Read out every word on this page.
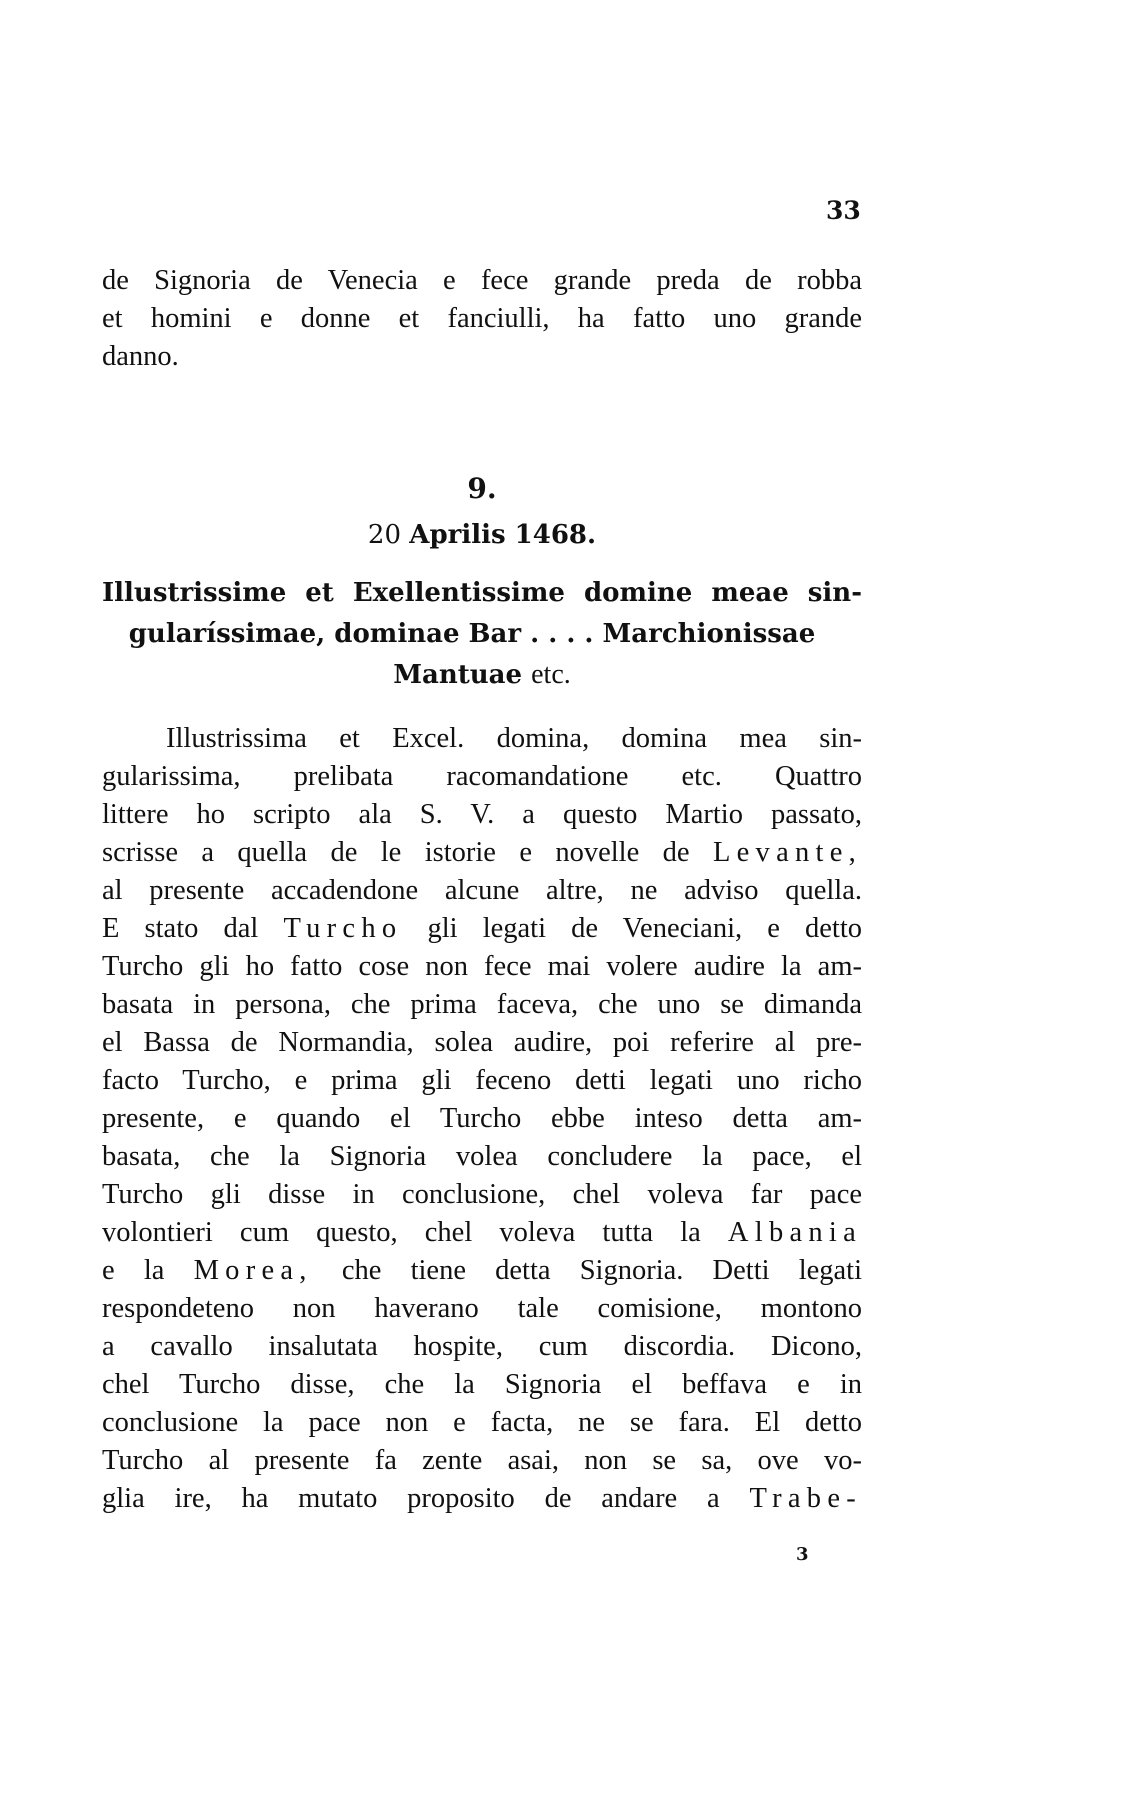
33
de Signoria de Venecia e fece grande preda de robba
et homini e donne et fanciulli, ha fatto uno grande
danno.
9.
20 Aprilis 1468.
Illustrissime et Exellentissime domine meae sin-
gularíssimae, dominae Bar . . . . Marchionissae
Mantuae etc.
Illustrissima et Excel. domina, domina mea sin-
gularissima, prelibata racomandatione etc. Quattro
littere ho scripto ala S. V. a questo Martio passato,
scrisse a quella de le istorie e novelle de Levante,
al presente accadendone alcune altre, ne adviso quella.
E stato dal Turcho gli legati de Veneciani, e detto
Turcho gli ho fatto cose non fece mai volere audire la am-
basata in persona, che prima faceva, che uno se dimanda
el Bassa de Normandia, solea audire, poi referire al pre-
facto Turcho, e prima gli feceno detti legati uno richo
presente, e quando el Turcho ebbe inteso detta am-
basata, che la Signoria volea concludere la pace, el
Turcho gli disse in conclusione, chel voleva far pace
volontieri cum questo, chel voleva tutta la Albania
e la Morea, che tiene detta Signoria. Detti legati
respondeteno non haverano tale comisione, montono
a cavallo insalutata hospite, cum discordia. Dicono,
chel Turcho disse, che la Signoria el beffava e in
conclusione la pace non e facta, ne se fara. El detto
Turcho al presente fa zente asai, non se sa, ove vo-
glia ire, ha mutato proposito de andare a Trabe-
3
